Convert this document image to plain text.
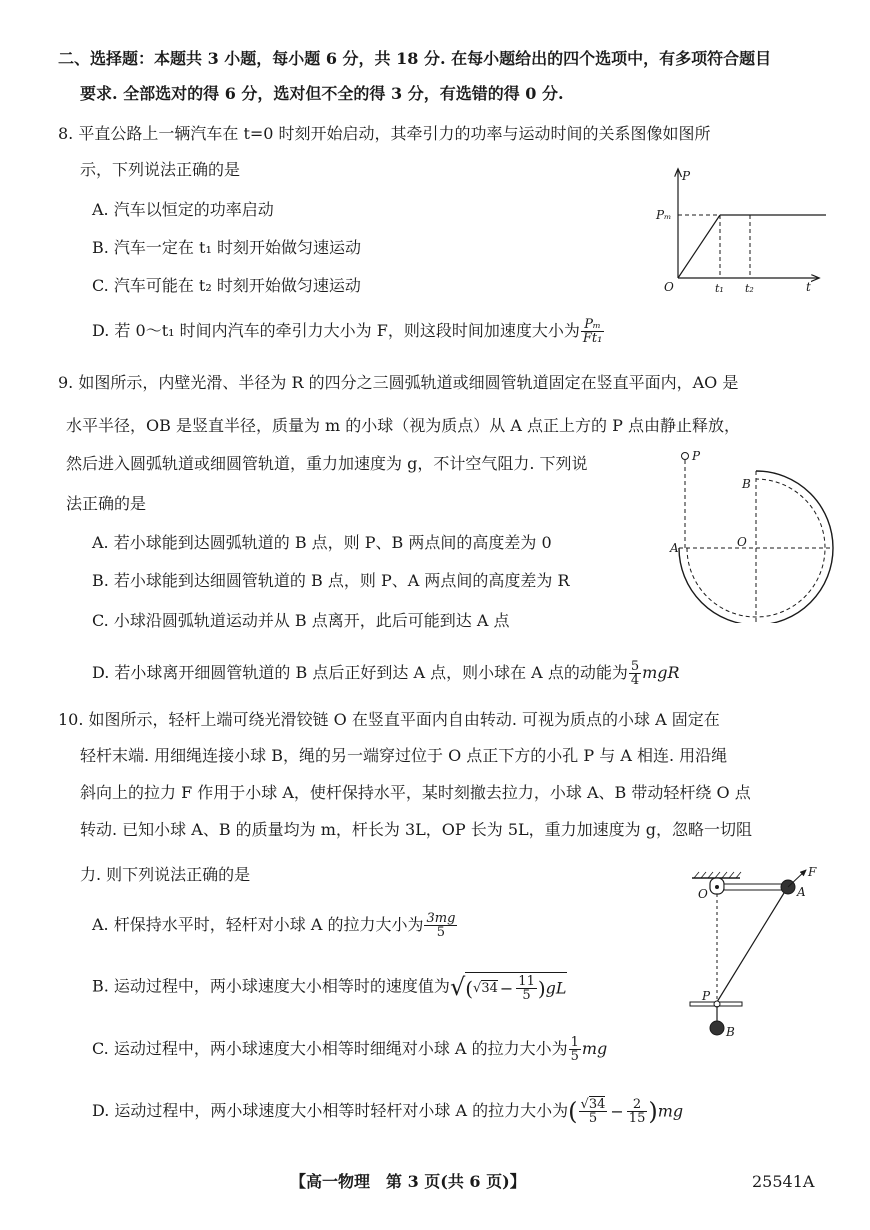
二、选择题：本题共 3 小题，每小题 6 分，共 18 分. 在每小题给出的四个选项中，有多项符合题目
要求. 全部选对的得 6 分，选对但不全的得 3 分，有选错的得 0 分.
8. 平直公路上一辆汽车在 t=0 时刻开始启动，其牵引力的功率与运动时间的关系图像如图所
示，下列说法正确的是
A. 汽车以恒定的功率启动
B. 汽车一定在 t₁ 时刻开始做匀速运动
C. 汽车可能在 t₂ 时刻开始做匀速运动
D. 若 0～t₁ 时间内汽车的牵引力大小为 F，则这段时间加速度大小为 $\frac{\text{Pₘ}}{\text{Ft₁}}$
P
Pₘ
O	t₁ t₂	t
9. 如图所示，内壁光滑、半径为 R 的四分之三圆弧轨道或细圆管轨道固定在竖直平面内，AO 是
水平半径，OB 是竖直半径，质量为 m 的小球（视为质点）从 A 点正上方的 P 点由静止释放，
然后进入圆弧轨道或细圆管轨道，重力加速度为 g，不计空气阻力. 下列说
法正确的是
A. 若小球能到达圆弧轨道的 B 点，则 P、B 两点间的高度差为 0
B. 若小球能到达细圆管轨道的 B 点，则 P、A 两点间的高度差为 R
C. 小球沿圆弧轨道运动并从 B 点离开，此后可能到达 A 点
D. 若小球离开细圆管轨道的 B 点后正好到达 A 点，则小球在 A 点的动能为 $\frac{5}{4}$ mgR
P
B
A	O
10. 如图所示，轻杆上端可绕光滑铰链 O 在竖直平面内自由转动. 可视为质点的小球 A 固定在
轻杆末端. 用细绳连接小球 B，绳的另一端穿过位于 O 点正下方的小孔 P 与 A 相连. 用沿绳
斜向上的拉力 F 作用于小球 A，使杆保持水平，某时刻撤去拉力，小球 A、B 带动轻杆绕 O 点
转动. 已知小球 A、B 的质量均为 m，杆长为 3L，OP 长为 5L，重力加速度为 g，忽略一切阻
力. 则下列说法正确的是
A. 杆保持水平时，轻杆对小球 A 的拉力大小为 $\frac{3mg}{5}$
B. 运动过程中，两小球速度大小相等时的速度值为$√(√34 - \frac{11}{5} )gL$
C. 运动过程中，两小球速度大小相等时细绳对小球 A 的拉力大小为 $\frac{1}{5}$ mg
D. 运动过程中，两小球速度大小相等时轻杆对小球 A 的拉力大小为( $\frac{√34}{5} - \frac{2}{15} )mg$
O	A
F
P
B
【高一物理　第 3 页(共 6 页)】	25541A
